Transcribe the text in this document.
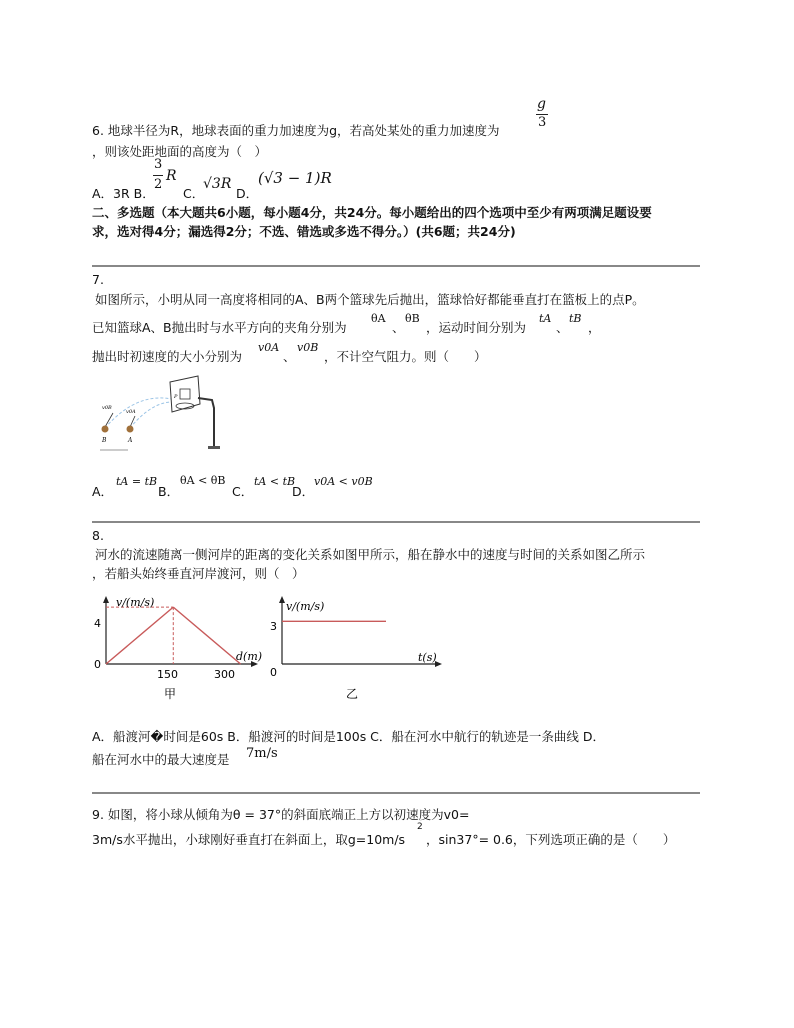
g
3
6. 地球半径为R，地球表面的重力加速度为g，若高处某处的重力加速度为
，则该处距地面的高度为（　）
A．3R B．
3
2
R
C．
√3R
D．
(√3 − 1)R
二、多选题（本大题共6小题，每小题4分，共24分。每小题给出的四个选项中至少有两项满足题设要
求，选对得4分；漏选得2分；不选、错选或多选不得分。）(共6题；共24分)
7.
如图所示，小明从同一高度将相同的A、B两个篮球先后抛出，篮球恰好都能垂直打在篮板上的点P。
已知篮球A、B抛出时与水平方向的夹角分别为
θA
、
θB
，运动时间分别为
tA
、
tB
，
抛出时初速度的大小分别为
v0A
、
v0B
，不计空气阻力。则（　　）
v0B
v0A
B	A
P
A．
tA = tB
B．
θA < θB
C．
tA < tB
D．
v0A < v0B
8.
河水的流速随离一侧河岸的距离的变化关系如图甲所示，船在静水中的速度与时间的关系如图乙所示
，若船头始终垂直河岸渡河，则（　）
v/(m/s)
d(m)
4
0
150	300
甲
v/(m/s)
t(s)
3
0
乙
A．船渡河�时间是60s B．船渡河的时间是100s C．船在河水中航行的轨迹是一条曲线 D．
船在河水中的最大速度是 7m/s
9. 如图，将小球从倾角为θ = 37°的斜面底端正上方以初速度为v0=
3m/s水平抛出，小球刚好垂直打在斜面上，取g=10m/s
2
，sin37°= 0.6，下列选项正确的是（　　）
